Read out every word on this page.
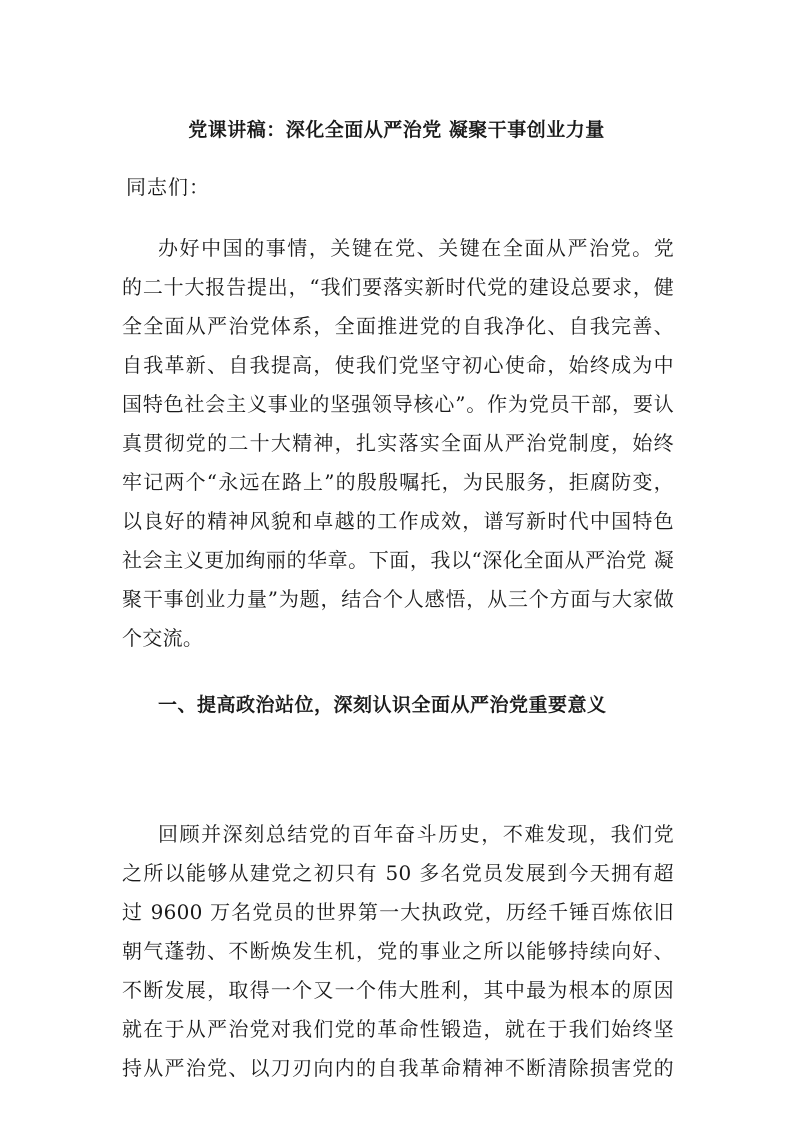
党课讲稿：深化全面从严治党 凝聚干事创业力量

同志们：

办好中国的事情，关键在党、关键在全面从严治党。党
的二十大报告提出，“我们要落实新时代党的建设总要求，健
全全面从严治党体系，全面推进党的自我净化、自我完善、
自我革新、自我提高，使我们党坚守初心使命，始终成为中
国特色社会主义事业的坚强领导核心”。作为党员干部，要认
真贯彻党的二十大精神，扎实落实全面从严治党制度，始终
牢记两个“永远在路上”的殷殷嘱托，为民服务，拒腐防变，
以良好的精神风貌和卓越的工作成效，谱写新时代中国特色
社会主义更加绚丽的华章。下面，我以“深化全面从严治党 凝
聚干事创业力量”为题，结合个人感悟，从三个方面与大家做
个交流。
一、提高政治站位，深刻认识全面从严治党重要意义
回顾并深刻总结党的百年奋斗历史，不难发现，我们党
之所以能够从建党之初只有 50 多名党员发展到今天拥有超
过 9600 万名党员的世界第一大执政党，历经千锤百炼依旧
朝气蓬勃、不断焕发生机，党的事业之所以能够持续向好、
不断发展，取得一个又一个伟大胜利，其中最为根本的原因
就在于从严治党对我们党的革命性锻造，就在于我们始终坚
持从严治党、以刀刃向内的自我革命精神不断清除损害党的
